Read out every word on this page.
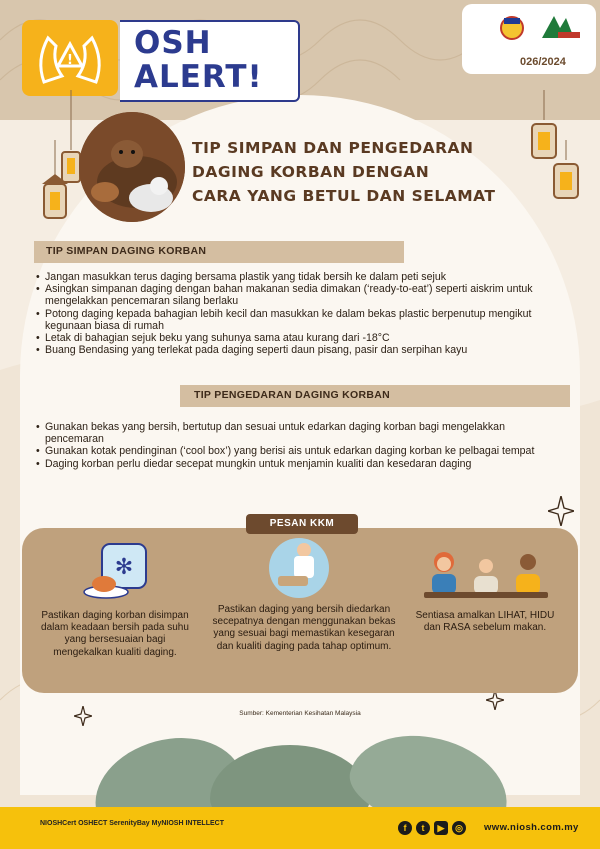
! OSH
ALERT!	026/2024
TIP SIMPAN DAN PENGEDARAN
DAGING KORBAN DENGAN
CARA YANG BETUL DAN SELAMAT
TIP SIMPAN DAGING KORBAN
• Jangan masukkan terus daging bersama plastik yang tidak bersih ke dalam peti sejuk
• Asingkan simpanan daging dengan bahan makanan sedia dimakan (‘ready-to-eat’) seperti aiskrim untuk mengelakkan pencemaran silang berlaku
• Potong daging kepada bahagian lebih kecil dan masukkan ke dalam bekas plastic berpenutup mengikut kegunaan biasa di rumah
• Letak di bahagian sejuk beku yang suhunya sama atau kurang dari -18°C
• Buang Bendasing yang terlekat pada daging seperti daun pisang, pasir dan serpihan kayu
TIP PENGEDARAN DAGING KORBAN
• Gunakan bekas yang bersih, bertutup dan sesuai untuk edarkan daging korban bagi mengelakkan pencemaran
• Gunakan kotak pendinginan (‘cool box’) yang berisi ais untuk edarkan daging korban ke pelbagai tempat
• Daging korban perlu diedar secepat mungkin untuk menjamin kualiti dan kesedaran daging
PESAN KKM
✻
Pastikan daging korban disimpan dalam keadaan bersih pada suhu yang bersesuaian bagi mengekalkan kualiti daging.
Pastikan daging yang bersih diedarkan secepatnya dengan menggunakan bekas yang sesuai bagi memastikan kesegaran dan kualiti daging pada tahap optimum.
Sentiasa amalkan LIHAT, HIDU dan RASA sebelum makan.
Sumber: Kementerian Kesihatan Malaysia
NIOSHCert OSHECT SerenityBay MyNIOSH INTELLECT	f	t	▶	◎	www.niosh.com.my
